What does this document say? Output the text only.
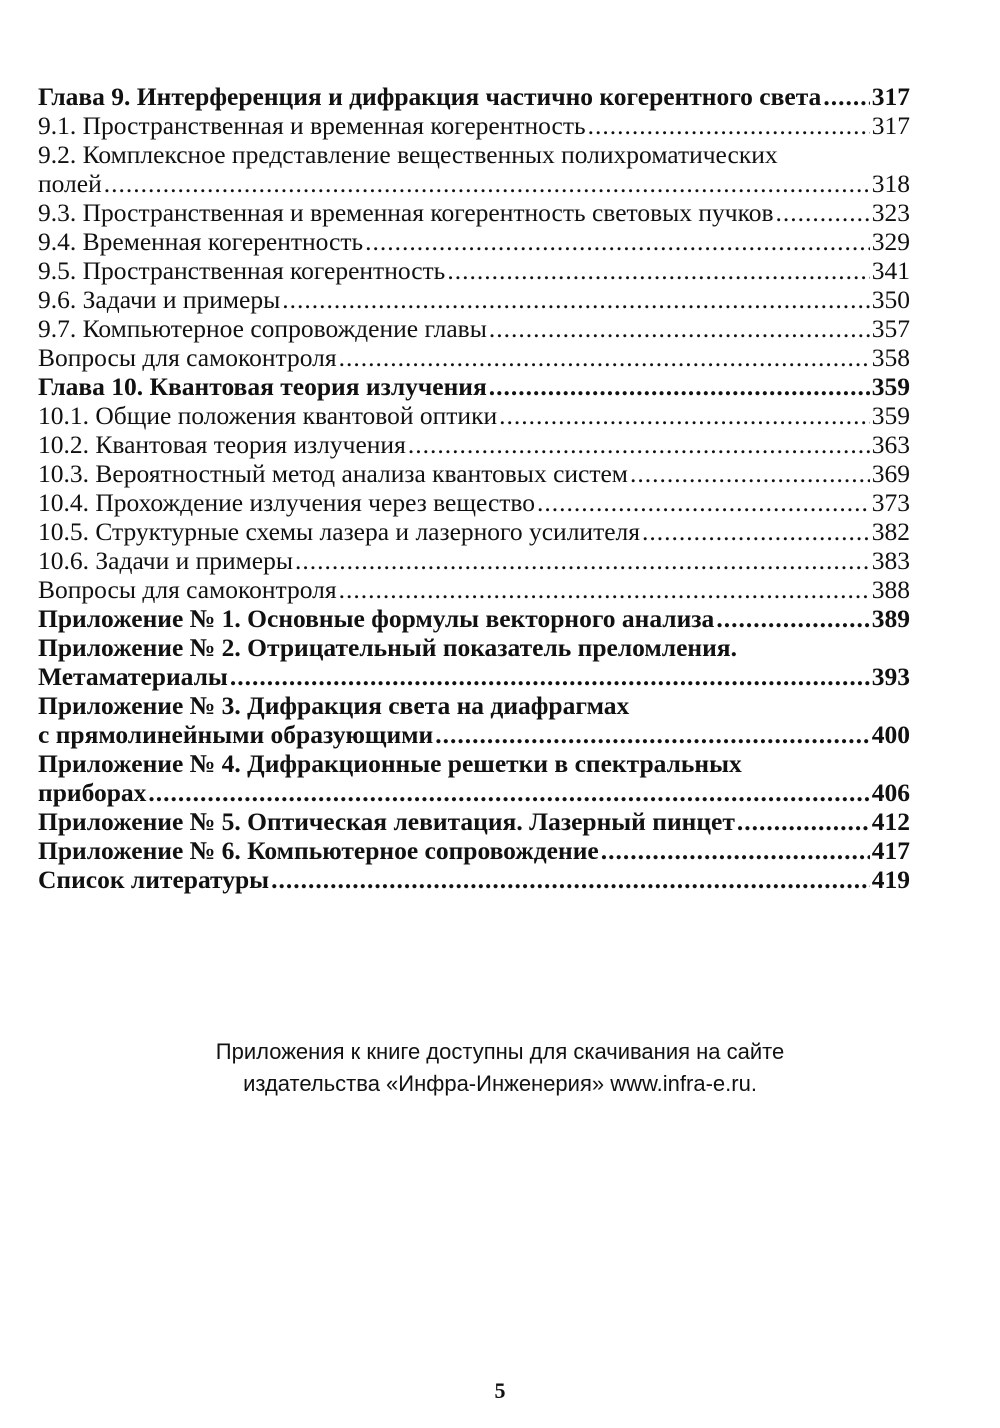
Глава 9. Интерференция и дифракция частично когерентного света ..... 317
9.1. Пространственная и временная когерентность .....	317
9.2. Комплексное представление вещественных полихроматических
полей .....	318
9.3. Пространственная и временная когерентность световых пучков .....	323
9.4. Временная когерентность .....	329
9.5. Пространственная когерентность .....	341
9.6. Задачи и примеры .....	350
9.7. Компьютерное сопровождение главы .....	357
Вопросы для самоконтроля .....	358
Глава 10. Квантовая теория излучения .....	359
10.1. Общие положения квантовой оптики .....	359
10.2. Квантовая теория излучения .....	363
10.3. Вероятностный метод анализа квантовых систем .....	369
10.4. Прохождение излучения через вещество .....	373
10.5. Структурные схемы лазера и лазерного усилителя .....	382
10.6. Задачи и примеры .....	383
Вопросы для самоконтроля .....	388
Приложение № 1. Основные формулы векторного анализа .....	389
Приложение № 2. Отрицательный показатель преломления.
Метаматериалы .....	393
Приложение № 3. Дифракция света на диафрагмах
с прямолинейными образующими .....	400
Приложение № 4. Дифракционные решетки в спектральных
приборах .....	406
Приложение № 5. Оптическая левитация. Лазерный пинцет .....	412
Приложение № 6. Компьютерное сопровождение .....	417
Список литературы .....	419
Приложения к книге доступны для скачивания на сайте
издательства «Инфра-Инженерия» www.infra-e.ru.
5
